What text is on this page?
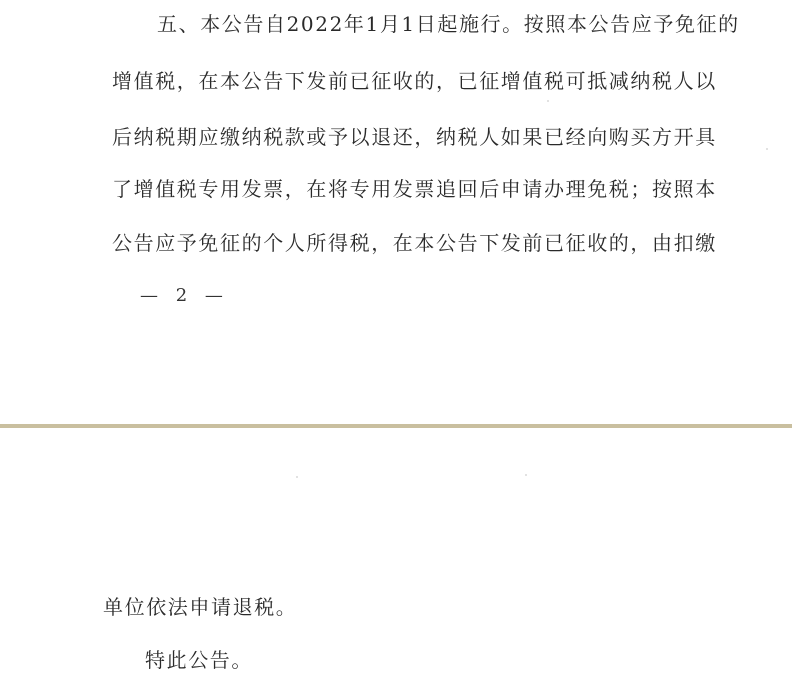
五、本公告自2022年1月1日起施行。按照本公告应予免征的
增值税，在本公告下发前已征收的，已征增值税可抵减纳税人以
后纳税期应缴纳税款或予以退还，纳税人如果已经向购买方开具
了增值税专用发票，在将专用发票追回后申请办理免税；按照本
公告应予免征的个人所得税，在本公告下发前已征收的，由扣缴
— 2 —
单位依法申请退税。
特此公告。
